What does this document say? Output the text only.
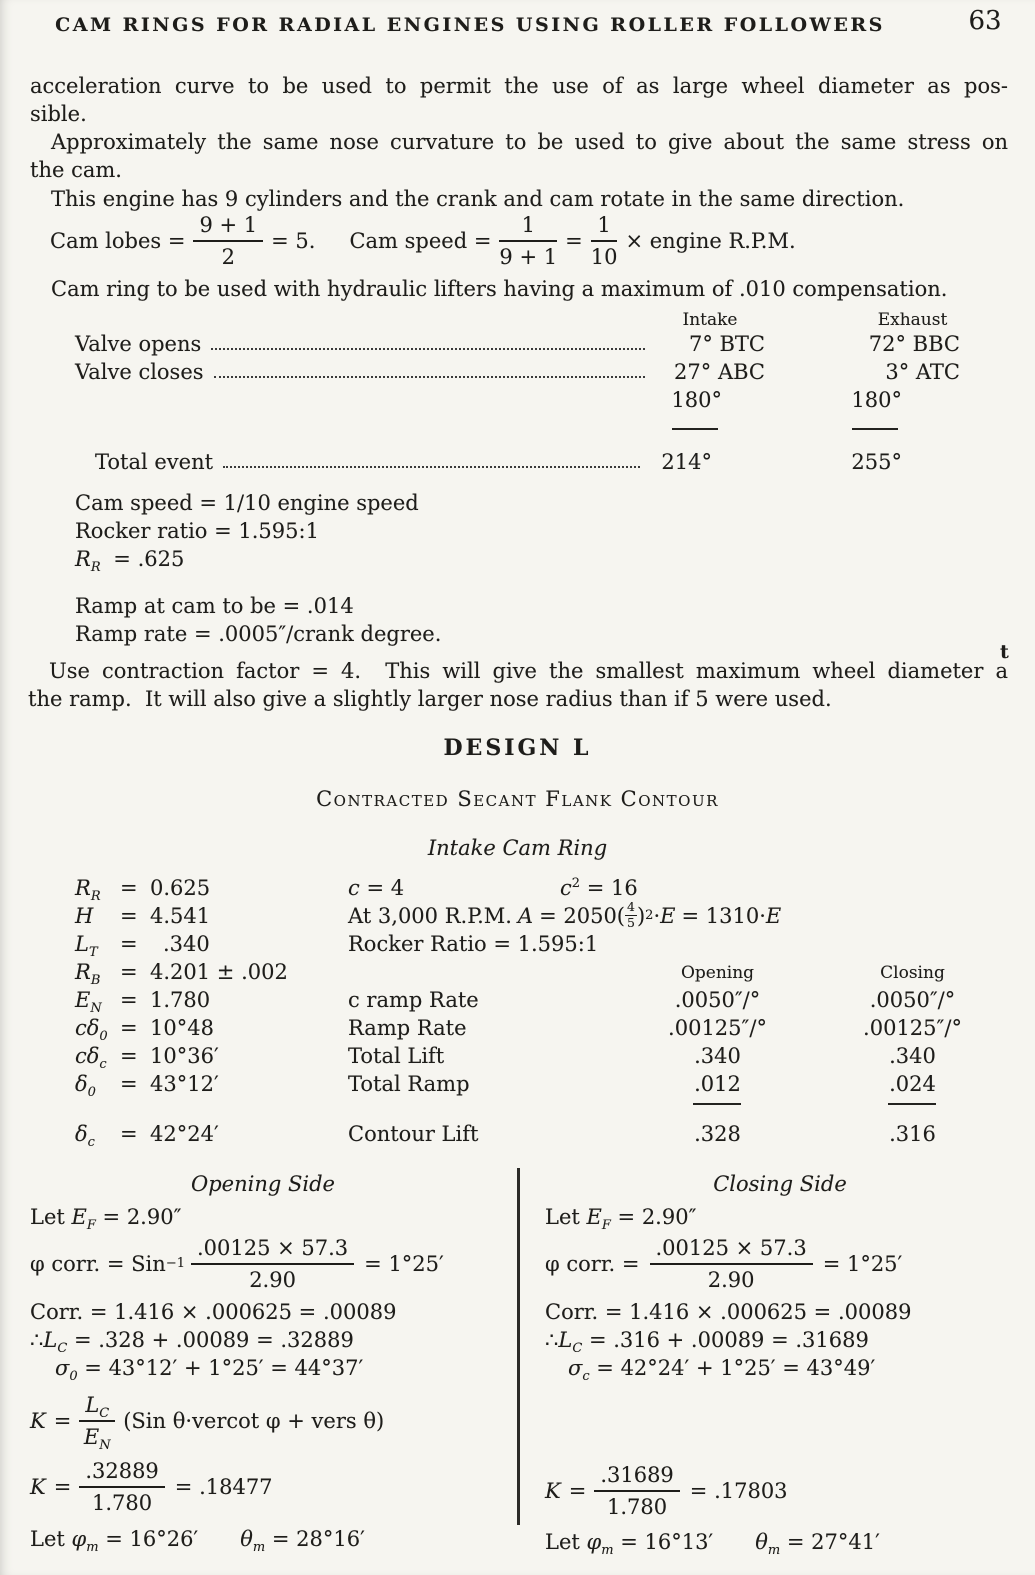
CAM RINGS FOR RADIAL ENGINES USING ROLLER FOLLOWERS	63
acceleration curve to be used to permit the use of as large wheel diameter as pos-
sible.
Approximately the same nose curvature to be used to give about the same stress on
the cam.
This engine has 9 cylinders and the crank and cam rotate in the same direction.
Cam lobes = $\frac{9 + 1}{2} = 5$. Cam speed = $\frac{1}{9 + 1} = \frac{1}{10}$ × engine R.P.M.
Cam ring to be used with hydraulic lifters having a maximum of .010 compensation.
Intake	Exhaust
Valve opens	7° BTC	72° BBC
Valve closes	27° ABC	3° ATC
180°	180°
Total event	214°	255°
Cam speed = 1/10 engine speed
Rocker ratio = 1.595:1
$R_R = .625$
Ramp at cam to be = .014
Ramp rate = .0005″/crank degree.
Use contraction factor = 4.  This will give the smallest maximum wheel diameter a
t
the ramp.  It will also give a slightly larger nose radius than if 5 were used.
DESIGN L
Contracted Secant Flank Contour
Intake Cam Ring
$R_R = 0.625$
H = 4.541
$L_T = .340$
$R_B = 4.201 \pm .002$
$E_N = 1.780$
$c\delta_0 = 10^\circ 48$
$c\delta_c = 10^\circ 36'$
$\delta_0 = 43^\circ 12'$
$\delta_c = 42^\circ 24'$
c = 4	$c^2 = 16$
At 3,000 R.P.M. $A = 2050( \frac{4}{5}$ ) 2 · E = 1310· E
Rocker Ratio = 1.595:1
Opening	Closing
c ramp Rate	.0050″/°	.0050″/°
Ramp Rate	.00125″/°	.00125″/°
Total Lift	.340	.340
Total Ramp	.012	.024
Contour Lift	.328	.316
Opening Side
Let $E_F = 2.90''$
φ corr. = Sin $-1 \frac{.00125 \times 57.3}{2.90} = 1^\circ 25'$
Corr. = 1.416 × .000625 = .00089
$\therefore L_C = .328 + .00089 = .32889$
$\sigma_0 = 43^\circ 12' + 1^\circ 25' = 44^\circ 37'$
$K = \frac{L_C}{E_N} (Sin$ θ·vercot φ + vers θ)
$K = \frac{.32889}{1.780} = .18477$
Let $\varphi_m = 16^\circ 26'$ $\theta_m = 28^\circ 16'$
Closing Side
Let $E_F = 2.90''$
φ corr. = $\frac{.00125 \times 57.3}{2.90} = 1^\circ 25'$
Corr. = 1.416 × .000625 = .00089
$\therefore L_C = .316 + .00089 = .31689$
$\sigma_c = 42^\circ 24' + 1^\circ 25' = 43^\circ 49'$
$K = \frac{.31689}{1.780} = .17803$
Let $\varphi_m = 16^\circ 13'$ $\theta_m = 27^\circ 41'$
